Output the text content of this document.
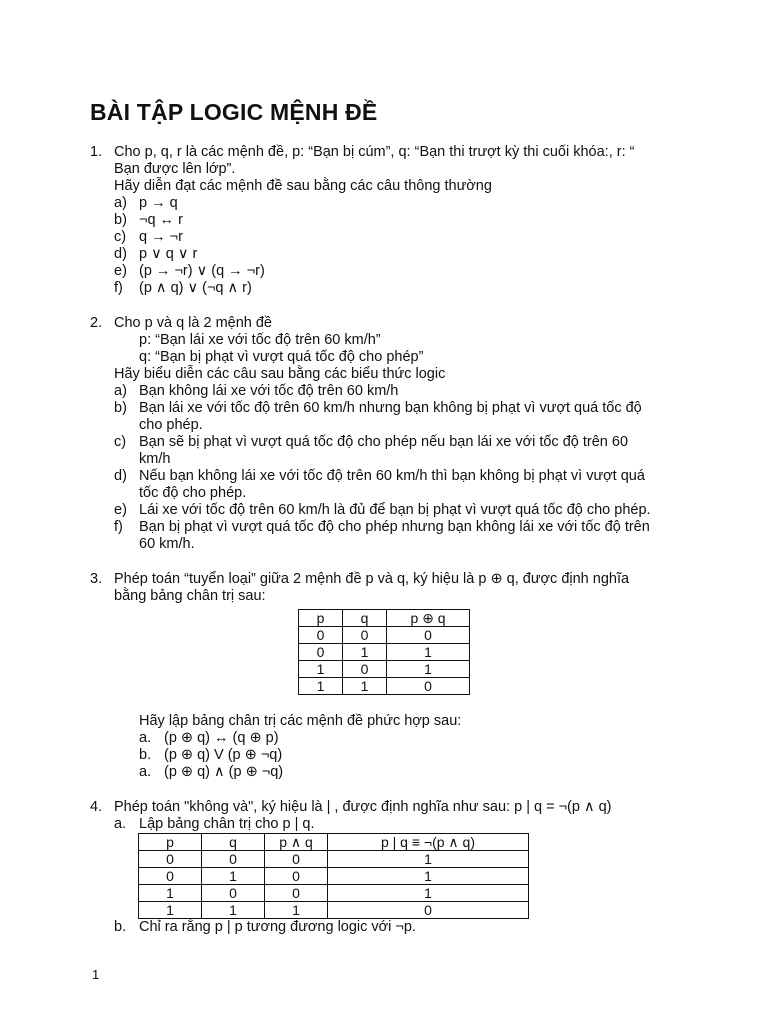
BÀI TẬP LOGIC MỆNH ĐỀ
1. Cho p, q, r là các mệnh đề, p: “Bạn bị cúm”, q: “Bạn thi trượt kỳ thi cuối khóa:, r: “
Bạn được lên lớp”.
Hãy diễn đạt các mệnh đề sau bằng các câu thông thường
a) p → q
b) ¬q ↔ r
c) q → ¬r
d) p ∨ q ∨ r
e) (p → ¬r) ∨ (q → ¬r)
f) (p ∧ q) ∨ (¬q ∧ r)
2. Cho p và q là 2 mệnh đề
p: “Bạn lái xe với tốc độ trên 60 km/h”
q: “Bạn bị phạt vì vượt quá tốc độ cho phép”
Hãy biểu diễn các câu sau bằng các biểu thức logic
a) Bạn không lái xe với tốc độ trên 60 km/h
b) Bạn lái xe với tốc độ trên 60 km/h nhưng bạn không bị phạt vì vượt quá tốc độ
cho phép.
c) Bạn sẽ bị phạt vì vượt quá tốc độ cho phép nếu bạn lái xe với tốc độ trên 60
km/h
d) Nếu bạn không lái xe với tốc độ trên 60 km/h thì bạn không bị phạt vì vượt quá
tốc độ cho phép.
e) Lái xe với tốc độ trên 60 km/h là đủ để bạn bị phạt vì vượt quá tốc độ cho phép.
f) Bạn bị phạt vì vượt quá tốc độ cho phép nhưng bạn không lái xe với tốc độ trên
60 km/h.
3. Phép toán “tuyển loại” giữa 2 mệnh đề p và q, ký hiệu là p ⊕ q, được định nghĩa
bằng bảng chân trị sau:
p	q	p ⊕ q
0	0	0
0	1	1
1	0	1
1	1	0
Hãy lập bảng chân trị các mệnh đề phức hợp sau:
a. (p ⊕ q) ↔ (q ⊕ p)
b. (p ⊕ q) V (p ⊕ ¬q)
a. (p ⊕ q) ∧ (p ⊕ ¬q)
4. Phép toán "không và", ký hiệu là | , được định nghĩa như sau: p | q = ¬(p ∧ q)
a. Lập bảng chân trị cho p | q.
p	q	p ∧ q	p | q ≡ ¬(p ∧ q)
0	0	0	1
0	1	0	1
1	0	0	1
1	1	1	0
b. Chỉ ra rằng p | p tương đương logic với ¬p.
1
